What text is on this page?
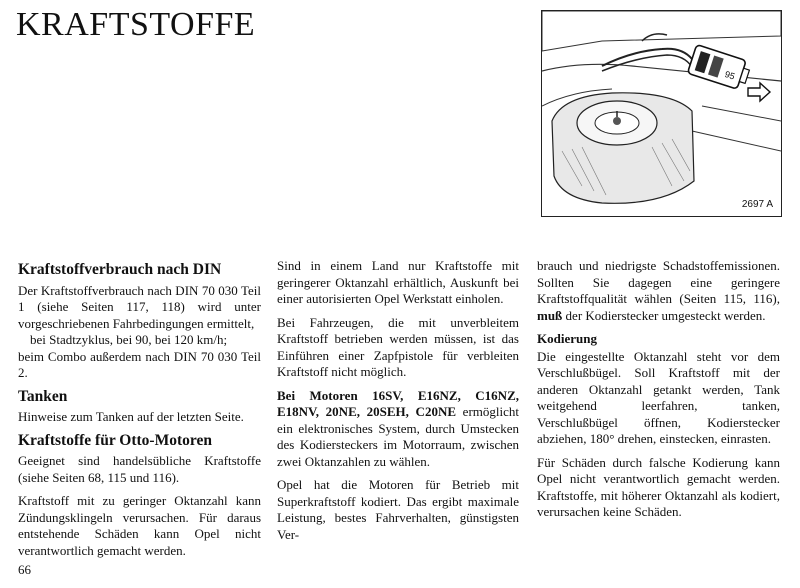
KRAFTSTOFFE
95
2697 A
Kraftstoffverbrauch nach DIN

Der Kraftstoffverbrauch nach DIN 70 030 Teil 1 (siehe Seiten 117, 118) wird unter vorgeschriebenen Fahrbedingungen ermittelt,

bei Stadtzyklus, bei 90, bei 120 km/h;

beim Combo außerdem nach DIN 70 030 Teil 2.

Tanken

Hinweise zum Tanken auf der letzten Seite.

Kraftstoffe für Otto-Motoren

Geeignet sind handelsübliche Kraftstoffe (siehe Seiten 68, 115 und 116).

Kraftstoff mit zu geringer Oktanzahl kann Zündungsklingeln verursachen. Für daraus entstehende Schäden kann Opel nicht verantwortlich gemacht werden.

Sind in einem Land nur Kraftstoffe mit geringerer Oktanzahl erhältlich, Auskunft bei einer autorisierten Opel Werkstatt einholen.

Bei Fahrzeugen, die mit unverbleitem Kraftstoff betrieben werden müssen, ist das Einführen einer Zapfpistole für verbleiten Kraftstoff nicht möglich.

Bei Motoren 16SV, E16NZ, C16NZ, E18NV, 20NE, 20SEH, C20NE ermöglicht ein elektronisches System, durch Umstecken des Kodiersteckers im Motorraum, zwischen zwei Oktanzahlen zu wählen.

Opel hat die Motoren für Betrieb mit Superkraftstoff kodiert. Das ergibt maximale Leistung, bestes Fahrverhalten, günstigsten Ver-

brauch und niedrigste Schadstoffemissionen. Sollten Sie dagegen eine geringere Kraftstoffqualität wählen (Seiten 115, 116), muß der Kodierstecker umgesteckt werden.

Kodierung

Die eingestellte Oktanzahl steht vor dem Verschlußbügel. Soll Kraftstoff mit der anderen Oktanzahl getankt werden, Tank weitgehend leerfahren, tanken, Verschlußbügel öffnen, Kodierstecker abziehen, 180° drehen, einstecken, einrasten.

Für Schäden durch falsche Kodierung kann Opel nicht verantwortlich gemacht werden. Kraftstoffe, mit höherer Oktanzahl als kodiert, verursachen keine Schäden.

66
